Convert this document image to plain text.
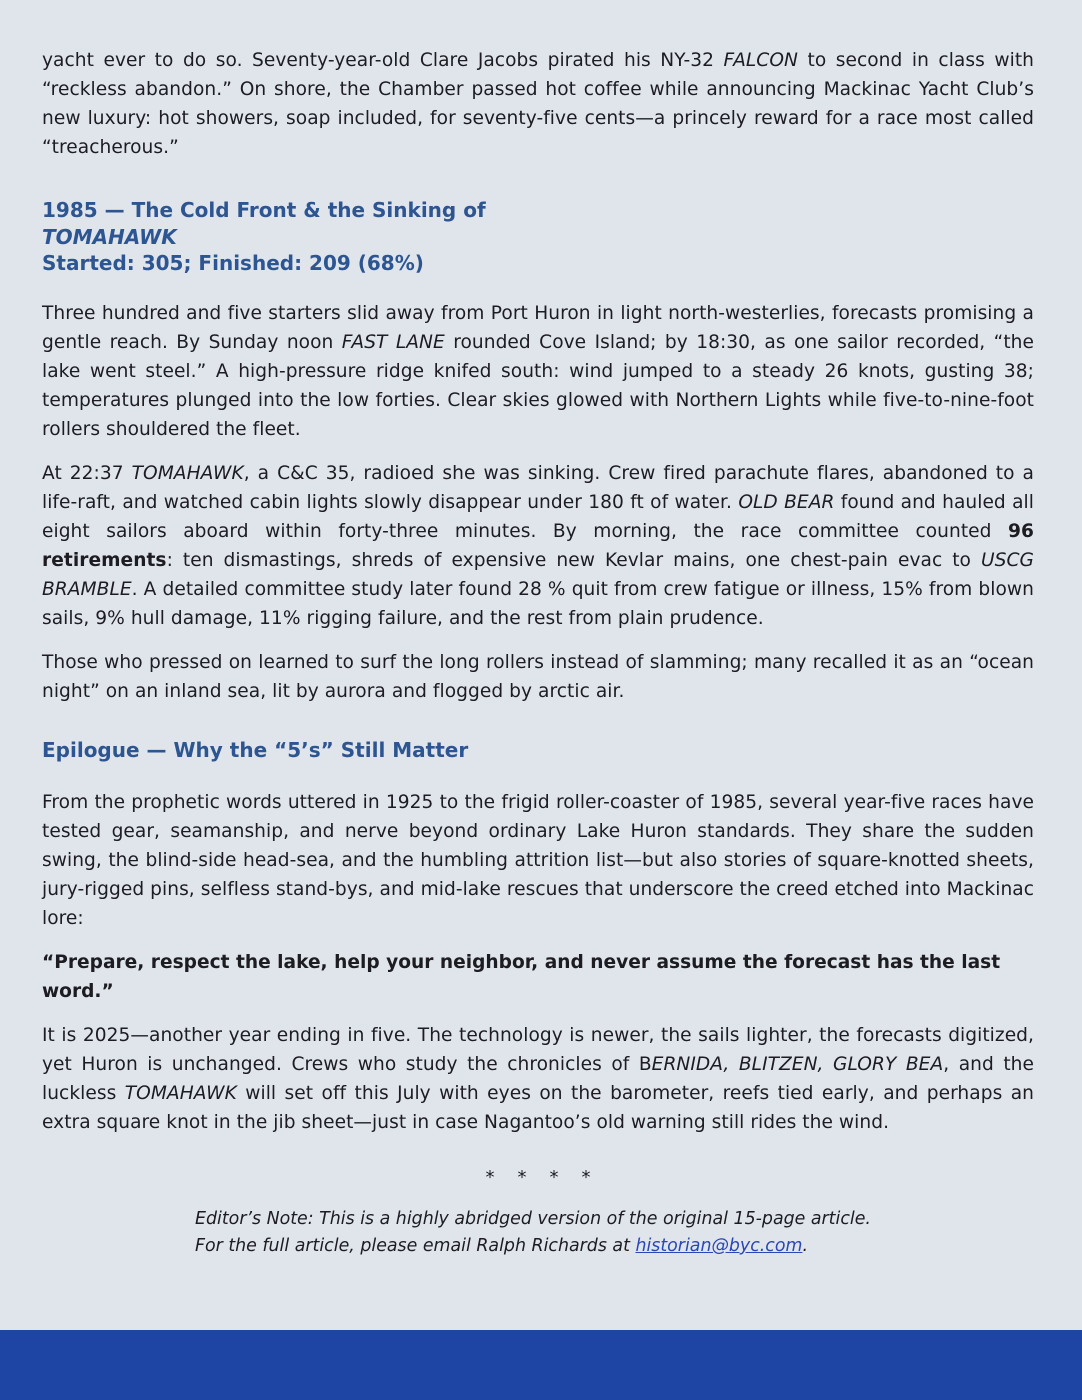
yacht ever to do so. Seventy-year-old Clare Jacobs pirated his NY-32 FALCON to second in class with “reckless abandon.” On shore, the Chamber passed hot coffee while announcing Mackinac Yacht Club’s new luxury: hot showers, soap included, for seventy-five cents—a princely reward for a race most called “treacherous.”

1985 — The Cold Front & the Sinking of
TOMAHAWK
Started: 305; Finished: 209 (68%)

Three hundred and five starters slid away from Port Huron in light north-westerlies, forecasts promising a gentle reach. By Sunday noon FAST LANE rounded Cove Island; by 18:30, as one sailor recorded, “the lake went steel.” A high-pressure ridge knifed south: wind jumped to a steady 26 knots, gusting 38; temperatures plunged into the low forties. Clear skies glowed with Northern Lights while five-to-nine-foot rollers shouldered the fleet.

At 22:37 TOMAHAWK, a C&C 35, radioed she was sinking. Crew fired parachute flares, abandoned to a life-raft, and watched cabin lights slowly disappear under 180 ft of water. OLD BEAR found and hauled all eight sailors aboard within forty-three minutes. By morning, the race committee counted 96 retirements: ten dismastings, shreds of expensive new Kevlar mains, one chest-pain evac to USCG BRAMBLE. A detailed committee study later found 28 % quit from crew fatigue or illness, 15% from blown sails, 9% hull damage, 11% rigging failure, and the rest from plain prudence.

Those who pressed on learned to surf the long rollers instead of slamming; many recalled it as an “ocean night” on an inland sea, lit by aurora and flogged by arctic air.

Epilogue — Why the “5’s” Still Matter

From the prophetic words uttered in 1925 to the frigid roller-coaster of 1985, several year-five races have tested gear, seamanship, and nerve beyond ordinary Lake Huron standards. They share the sudden swing, the blind-side head-sea, and the humbling attrition list—but also stories of square-knotted sheets, jury-rigged pins, selfless stand-bys, and mid-lake rescues that underscore the creed etched into Mackinac lore:

“Prepare, respect the lake, help your neighbor, and never assume the forecast has the last word.”

It is 2025—another year ending in five. The technology is newer, the sails lighter, the forecasts digitized, yet Huron is unchanged. Crews who study the chronicles of BERNIDA, BLITZEN, GLORY BEA, and the luckless TOMAHAWK will set off this July with eyes on the barometer, reefs tied early, and perhaps an extra square knot in the jib sheet—just in case Nagantoo’s old warning still rides the wind.

* * * *

Editor’s Note: This is a highly abridged version of the original 15-page article.
For the full article, please email Ralph Richards at historian@byc.com.
